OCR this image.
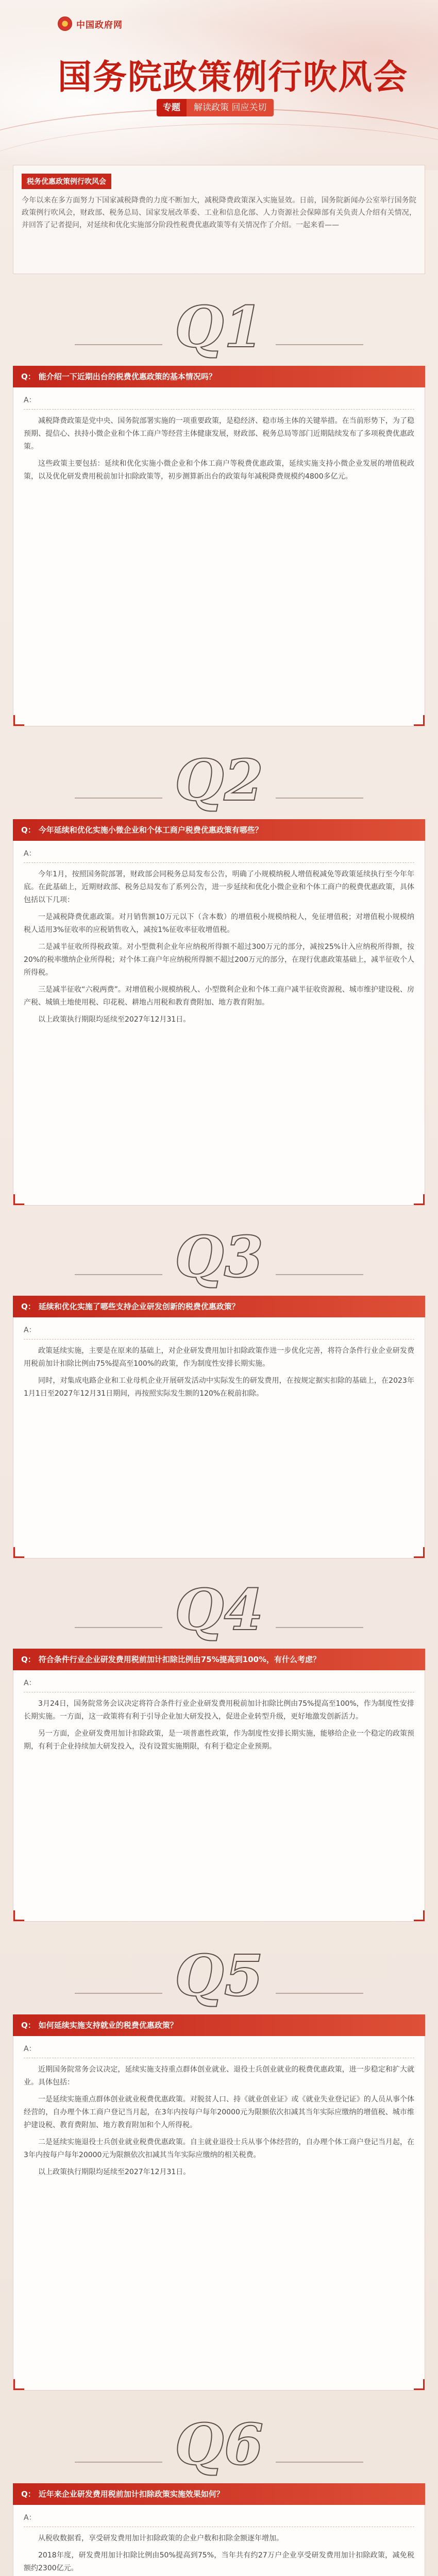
中国政府网
国务院政策例行吹风会
专题	解读政策 回应关切
税务优惠政策例行吹风会
今年以来在多方面努力下国家减税降费的力度不断加大，减税降费政策深入实施显效。日前，国务院新闻办公室举行国务院政策例行吹风会，财政部、税务总局、国家发展改革委、工业和信息化部、人力资源社会保障部有关负责人介绍有关情况，并回答了记者提问，对延续和优化实施部分阶段性税费优惠政策等有关情况作了介绍。一起来看——
Q1
Q： 能介绍一下近期出台的税费优惠政策的基本情况吗？
A：

减税降费政策是党中央、国务院部署实施的一项重要政策，是稳经济、稳市场主体的关键举措。在当前形势下，为了稳预期、提信心、扶持小微企业和个体工商户等经营主体健康发展，财政部、税务总局等部门近期陆续发布了多项税费优惠政策。

这些政策主要包括：延续和优化实施小微企业和个体工商户等税费优惠政策，延续实施支持小微企业发展的增值税政策，以及优化研发费用税前加计扣除政策等，初步测算新出台的政策每年减税降费规模约4800多亿元。

Q2
Q： 今年延续和优化实施小微企业和个体工商户税费优惠政策有哪些？
A：

今年1月，按照国务院部署，财政部会同税务总局发布公告，明确了小规模纳税人增值税减免等政策延续执行至今年年底。在此基础上，近期财政部、税务总局发布了系列公告，进一步延续和优化小微企业和个体工商户的税费优惠政策，具体包括以下几项：

一是减税降费优惠政策。对月销售额10万元以下（含本数）的增值税小规模纳税人，免征增值税；对增值税小规模纳税人适用3%征收率的应税销售收入，减按1%征收率征收增值税。

二是减半征收所得税政策。对小型微利企业年应纳税所得额不超过300万元的部分，减按25%计入应纳税所得额，按20%的税率缴纳企业所得税；对个体工商户年应纳税所得额不超过200万元的部分，在现行优惠政策基础上，减半征收个人所得税。

三是减半征收“六税两费”。对增值税小规模纳税人、小型微利企业和个体工商户减半征收资源税、城市维护建设税、房产税、城镇土地使用税、印花税、耕地占用税和教育费附加、地方教育附加。

以上政策执行期限均延续至2027年12月31日。

Q3
Q： 延续和优化实施了哪些支持企业研发创新的税费优惠政策？
A：

政策延续实施，主要是在原来的基础上，对企业研发费用加计扣除政策作进一步优化完善，将符合条件行业企业研发费用税前加计扣除比例由75%提高至100%的政策，作为制度性安排长期实施。

同时，对集成电路企业和工业母机企业开展研发活动中实际发生的研发费用，在按规定据实扣除的基础上，在2023年1月1日至2027年12月31日期间，再按照实际发生额的120%在税前扣除。

Q4
Q： 符合条件行业企业研发费用税前加计扣除比例由75%提高到100%，有什么考虑？
A：

3月24日，国务院常务会议决定将符合条件行业企业研发费用税前加计扣除比例由75%提高至100%，作为制度性安排长期实施。一方面，这一政策将有利于引导企业加大研发投入，促进企业转型升级，更好地激发创新活力。

另一方面，企业研发费用加计扣除政策，是一项普惠性政策，作为制度性安排长期实施，能够给企业一个稳定的政策预期，有利于企业持续加大研发投入，没有设置实施期限，有利于稳定企业预期。

Q5
Q： 如何延续实施支持就业的税费优惠政策？
A：

近期国务院常务会议决定，延续实施支持重点群体创业就业、退役士兵创业就业的税费优惠政策，进一步稳定和扩大就业。具体包括：

一是延续实施重点群体创业就业税费优惠政策。对脱贫人口、持《就业创业证》或《就业失业登记证》的人员从事个体经营的，自办理个体工商户登记当月起，在3年内按每户每年20000元为限额依次扣减其当年实际应缴纳的增值税、城市维护建设税、教育费附加、地方教育附加和个人所得税。

二是延续实施退役士兵创业就业税费优惠政策。自主就业退役士兵从事个体经营的，自办理个体工商户登记当月起，在3年内按每户每年20000元为限额依次扣减其当年实际应缴纳的相关税费。

以上政策执行期限均延续至2027年12月31日。

Q6
Q： 近年来企业研发费用税前加计扣除政策实施效果如何？
A：

从税收数据看，享受研发费用加计扣除政策的企业户数和扣除金额逐年增加。

2018年度，研发费用加计扣除比例由50%提高到75%，当年共有约27万户企业享受研发费用加计扣除政策，减免税额约2300亿元。
